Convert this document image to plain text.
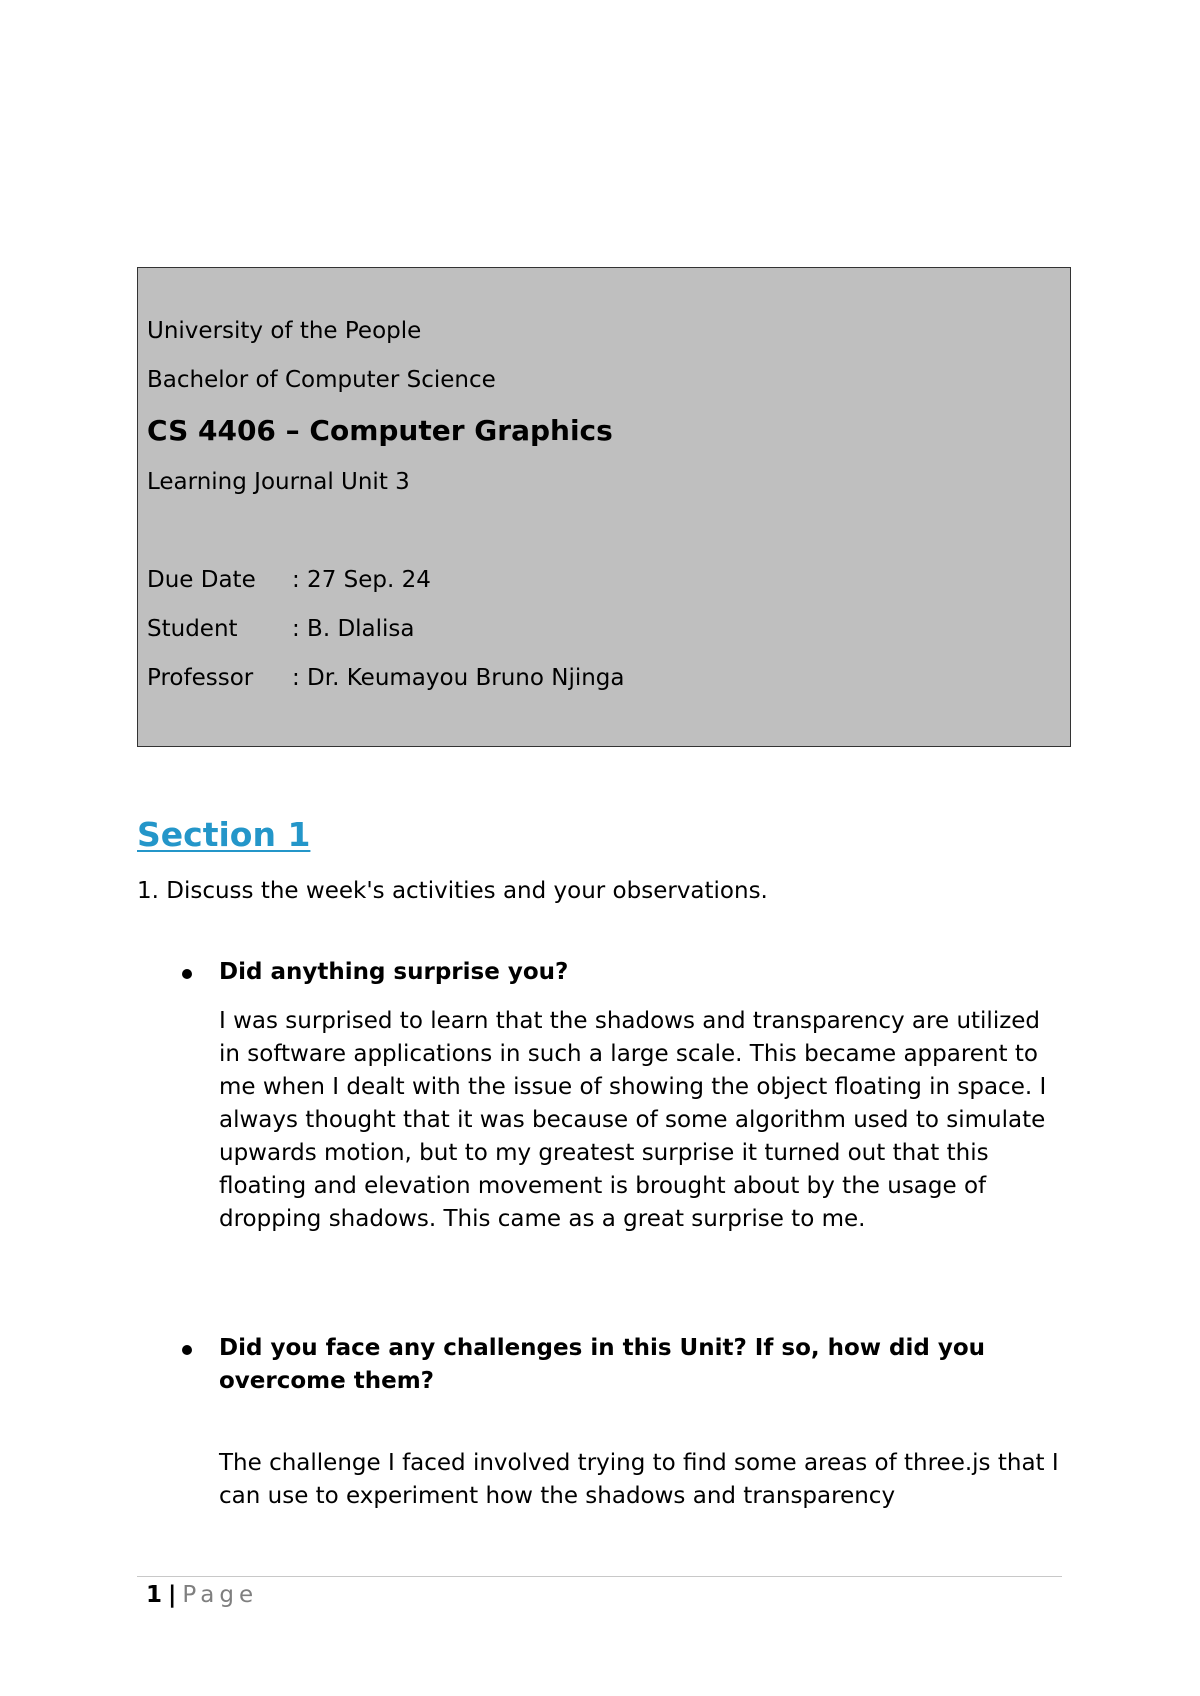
University of the People
Bachelor of Computer Science
CS 4406 – Computer Graphics
Learning Journal Unit 3
Due Date : 27 Sep. 24
Student : B. Dlalisa
Professor : Dr. Keumayou Bruno Njinga
Section 1
1. Discuss the week's activities and your observations.
Did anything surprise you?

I was surprised to learn that the shadows and transparency are utilized in software applications in such a large scale. This became apparent to me when I dealt with the issue of showing the object floating in space. I always thought that it was because of some algorithm used to simulate upwards motion, but to my greatest surprise it turned out that this floating and elevation movement is brought about by the usage of dropping shadows. This came as a great surprise to me.

Did you face any challenges in this Unit? If so, how did you overcome them?

The challenge I faced involved trying to find some areas of three.js that I can use to experiment how the shadows and transparency

1 | Page
